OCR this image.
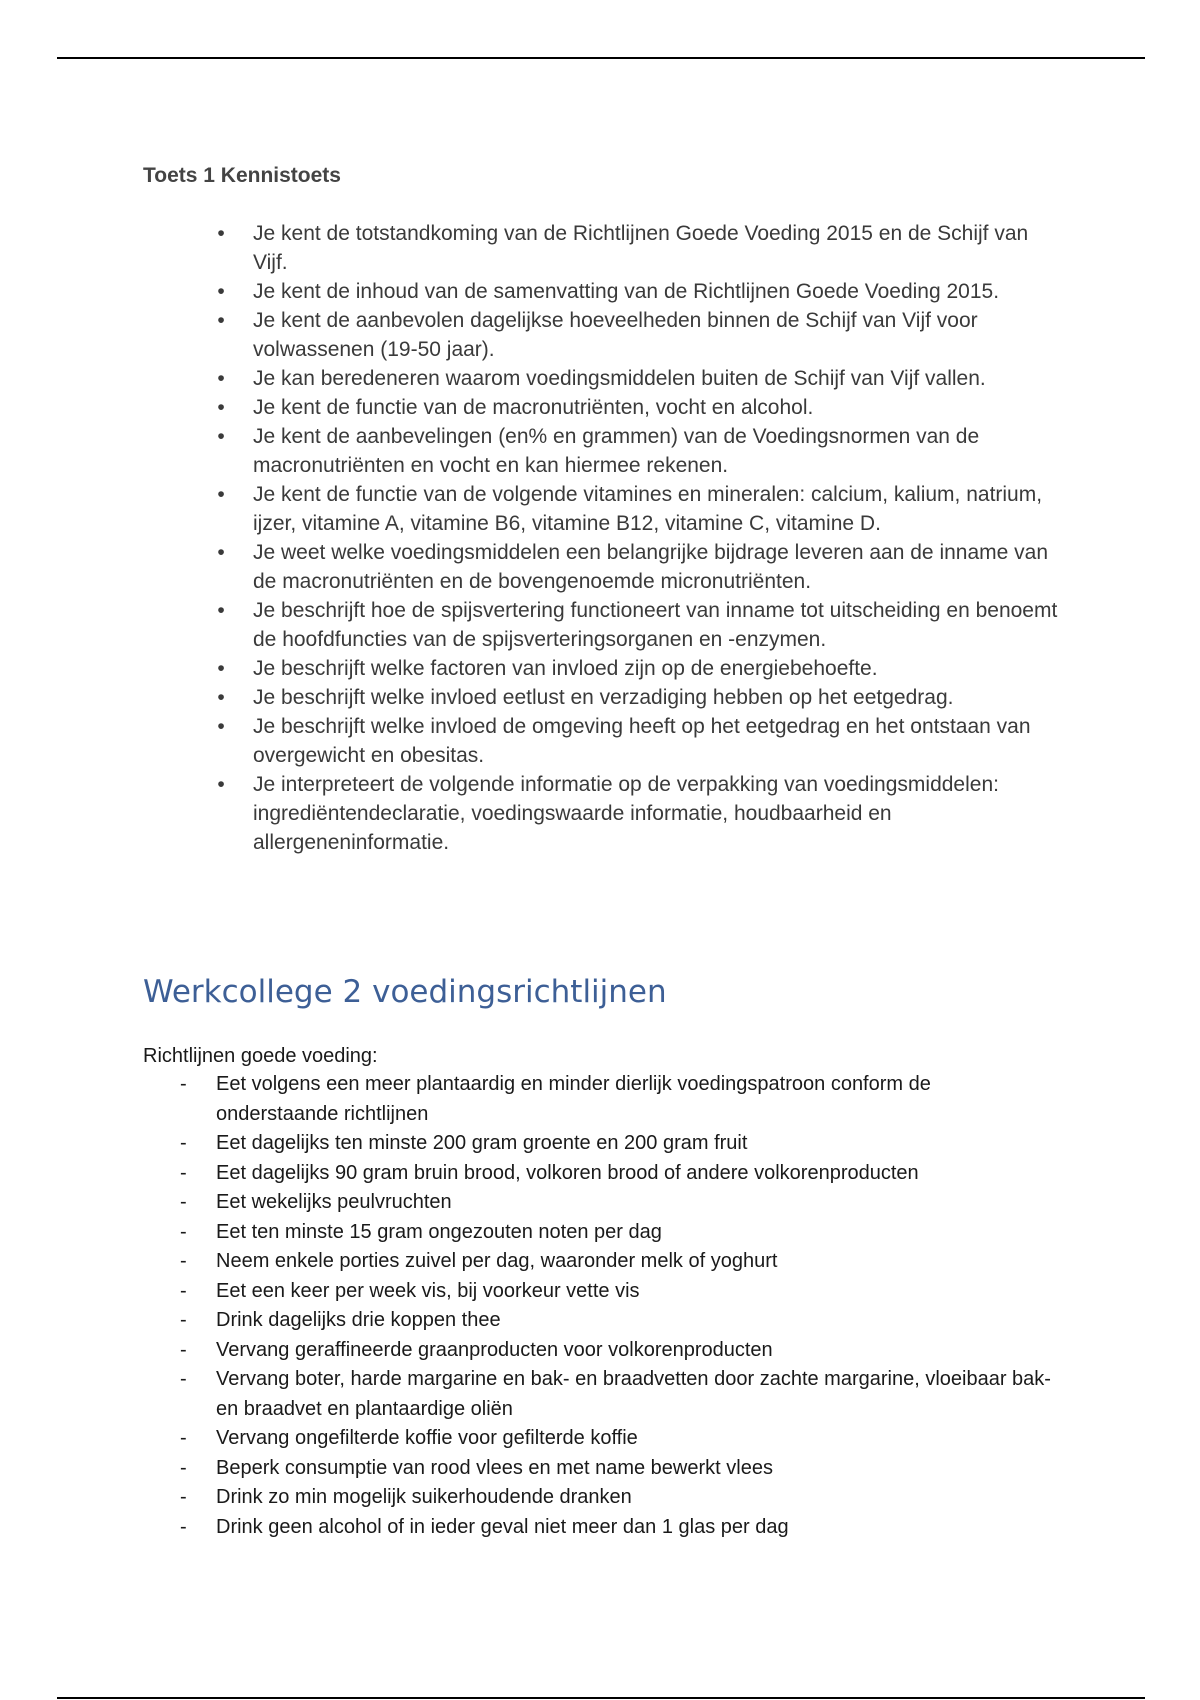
Toets 1 Kennistoets
• Je kent de totstandkoming van de Richtlijnen Goede Voeding 2015 en de Schijf van Vijf.
• Je kent de inhoud van de samenvatting van de Richtlijnen Goede Voeding 2015.
• Je kent de aanbevolen dagelijkse hoeveelheden binnen de Schijf van Vijf voor volwassenen (19-50 jaar).
• Je kan beredeneren waarom voedingsmiddelen buiten de Schijf van Vijf vallen.
• Je kent de functie van de macronutriënten, vocht en alcohol.
• Je kent de aanbevelingen (en% en grammen) van de Voedingsnormen van de macronutriënten en vocht en kan hiermee rekenen.
• Je kent de functie van de volgende vitamines en mineralen: calcium, kalium, natrium, ijzer, vitamine A, vitamine B6, vitamine B12, vitamine C, vitamine D.
• Je weet welke voedingsmiddelen een belangrijke bijdrage leveren aan de inname van de macronutriënten en de bovengenoemde micronutriënten.
• Je beschrijft hoe de spijsvertering functioneert van inname tot uitscheiding en benoemt de hoofdfuncties van de spijsverteringsorganen en -enzymen.
• Je beschrijft welke factoren van invloed zijn op de energiebehoefte.
• Je beschrijft welke invloed eetlust en verzadiging hebben op het eetgedrag.
• Je beschrijft welke invloed de omgeving heeft op het eetgedrag en het ontstaan van overgewicht en obesitas.
• Je interpreteert de volgende informatie op de verpakking van voedingsmiddelen: ingrediëntendeclaratie, voedingswaarde informatie, houdbaarheid en allergeneninformatie.
Werkcollege 2 voedingsrichtlijnen

Richtlijnen goede voeding:

- Eet volgens een meer plantaardig en minder dierlijk voedingspatroon conform de onderstaande richtlijnen
- Eet dagelijks ten minste 200 gram groente en 200 gram fruit
- Eet dagelijks 90 gram bruin brood, volkoren brood of andere volkorenproducten
- Eet wekelijks peulvruchten
- Eet ten minste 15 gram ongezouten noten per dag
- Neem enkele porties zuivel per dag, waaronder melk of yoghurt
- Eet een keer per week vis, bij voorkeur vette vis
- Drink dagelijks drie koppen thee
- Vervang geraffineerde graanproducten voor volkorenproducten
- Vervang boter, harde margarine en bak- en braadvetten door zachte margarine, vloeibaar bak- en braadvet en plantaardige oliën
- Vervang ongefilterde koffie voor gefilterde koffie
- Beperk consumptie van rood vlees en met name bewerkt vlees
- Drink zo min mogelijk suikerhoudende dranken
- Drink geen alcohol of in ieder geval niet meer dan 1 glas per dag
